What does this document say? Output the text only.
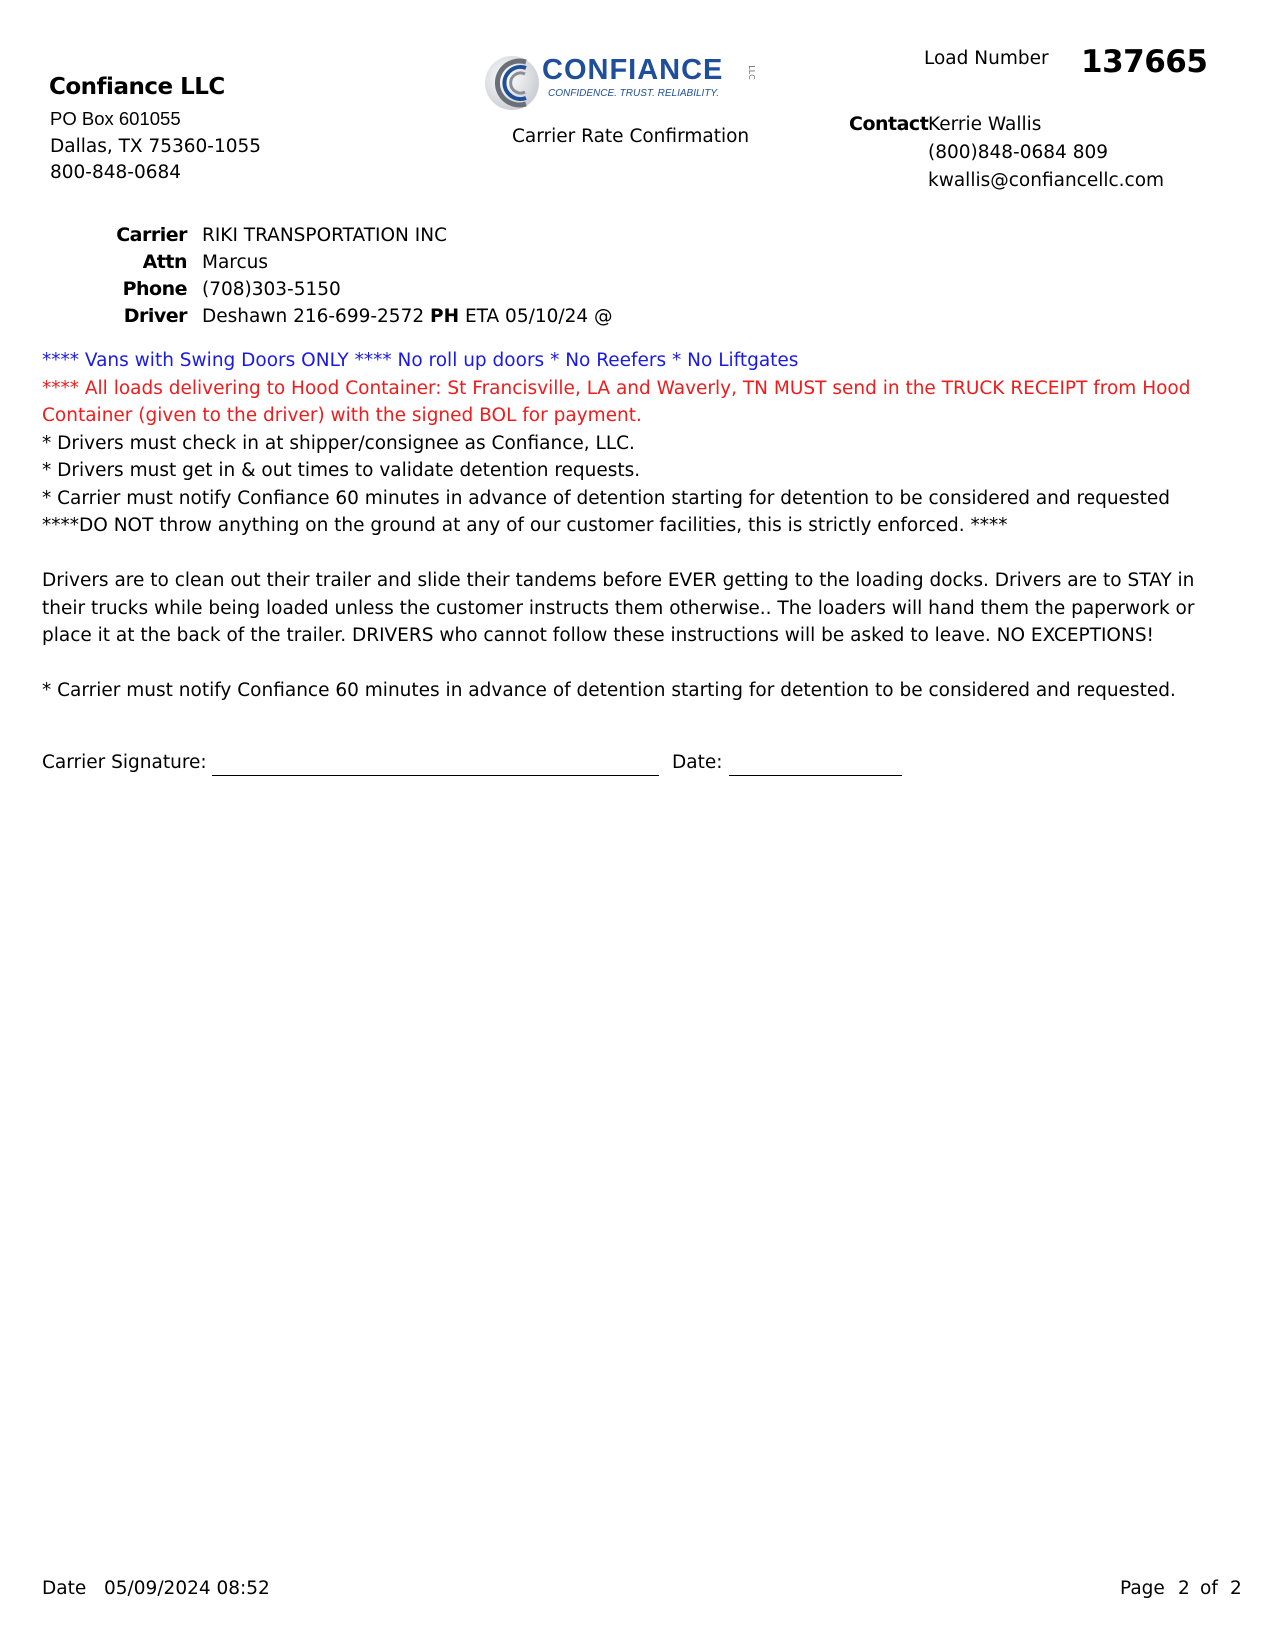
Confiance LLC
PO Box 601055
Dallas, TX 75360-1055
800-848-0684
CONFIANCE	LLC
CONFIDENCE. TRUST. RELIABILITY.
Carrier Rate Confirmation
Load Number 137665
Contact Kerrie Wallis
(800)848-0684 809
kwallis@confiancellc.com
Carrier RIKI TRANSPORTATION INC
Attn Marcus
Phone (708)303-5150
Driver Deshawn 216-699-2572 PH ETA 05/10/24 @

**** Vans with Swing Doors ONLY **** No roll up doors * No Reefers * No Liftgates

**** All loads delivering to Hood Container: St Francisville, LA and Waverly, TN MUST send in the TRUCK RECEIPT from Hood Container (given to the driver) with the signed BOL for payment.

* Drivers must check in at shipper/consignee as Confiance, LLC.

* Drivers must get in & out times to validate detention requests.

* Carrier must notify Confiance 60 minutes in advance of detention starting for detention to be considered and requested

****DO NOT throw anything on the ground at any of our customer facilities, this is strictly enforced. ****

Drivers are to clean out their trailer and slide their tandems before EVER getting to the loading docks. Drivers are to STAY in their trucks while being loaded unless the customer instructs them otherwise.. The loaders will hand them the paperwork or place it at the back of the trailer. DRIVERS who cannot follow these instructions will be asked to leave. NO EXCEPTIONS!

* Carrier must notify Confiance 60 minutes in advance of detention starting for detention to be considered and requested.

Carrier Signature:	Date:
Date 05/09/2024 08:52	Page 2 of 2
